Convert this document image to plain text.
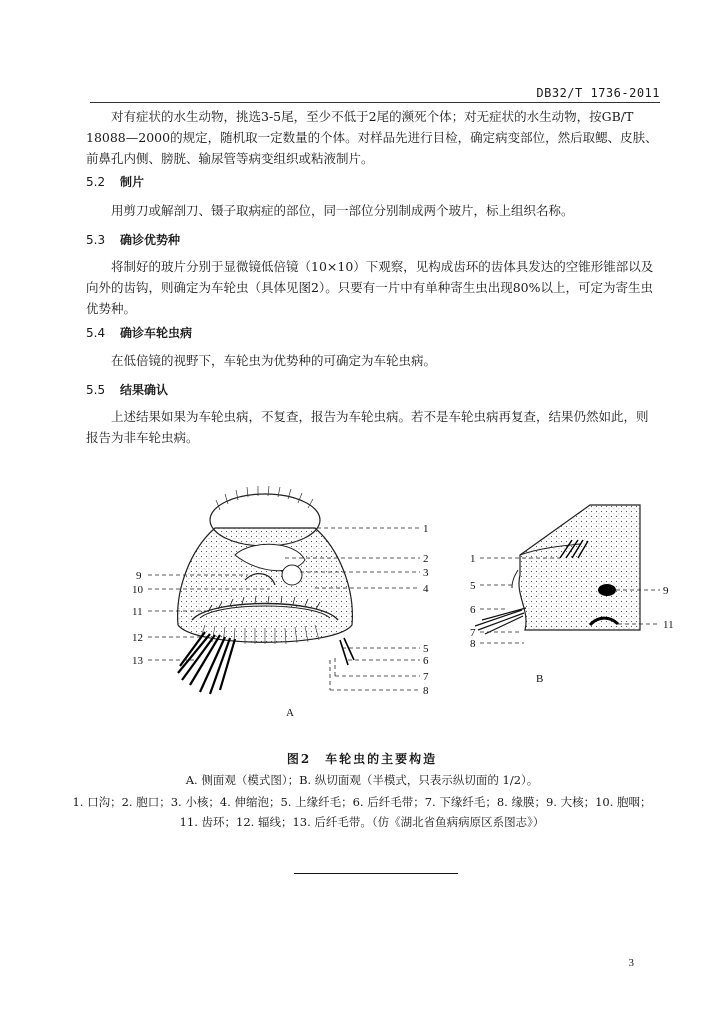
DB32/T 1736-2011

对有症状的水生动物，挑选3-5尾，至少不低于2尾的濒死个体；对无症状的水生动物，按GB/T 18088—2000的规定，随机取一定数量的个体。对样品先进行目检，确定病变部位，然后取鳃、皮肤、前鼻孔内侧、膀胱、输尿管等病变组织或粘液制片。

5.2 制片

用剪刀或解剖刀、镊子取病症的部位，同一部位分别制成两个玻片，标上组织名称。

5.3 确诊优势种

将制好的玻片分别于显微镜低倍镜（10×10）下观察，见构成齿环的齿体具发达的空锥形锥部以及向外的齿钩，则确定为车轮虫（具体见图2）。只要有一片中有单种寄生虫出现80%以上，可定为寄生虫优势种。

5.4 确诊车轮虫病

在低倍镜的视野下，车轮虫为优势种的可确定为车轮虫病。

5.5 结果确认

上述结果如果为车轮虫病，不复查，报告为车轮虫病。若不是车轮虫病再复查，结果仍然如此，则报告为非车轮虫病。

1
2
3
4
5
6
7
8
9
10
11
12
13
A
1
5
6
7
8
9
11
B
图2　车轮虫的主要构造
A. 侧面观（模式图）；B. 纵切面观（半模式，只表示纵切面的 1/2）。
1. 口沟；2. 胞口；3. 小核；4. 伸缩泡；5. 上缘纤毛；6. 后纤毛带；7. 下缘纤毛；8. 缘膜；9. 大核；10. 胞咽；
11. 齿环；12. 辐线；13. 后纤毛带。（仿《湖北省鱼病病原区系图志》）
3
